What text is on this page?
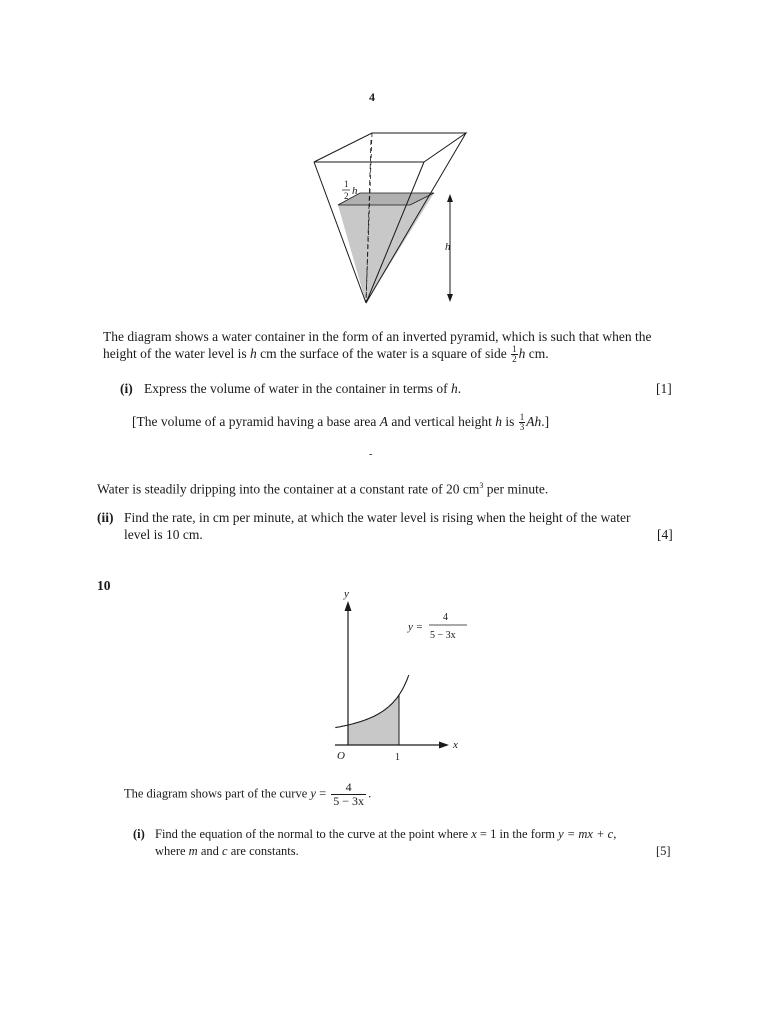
4
1
2 h
h
The diagram shows a water container in the form of an inverted pyramid, which is such that when the
height of the water level is h cm the surface of the water is a square of side $\frac{1}{2}$ h cm.
(i) Express the volume of water in the container in terms of h.	[1]
[The volume of a pyramid having a base area A and vertical height h is $\frac{1}{3} Ah$.]
-
Water is steadily dripping into the container at a constant rate of 20 $cm^3$ per minute.
(ii) Find the rate, in cm per minute, at which the water level is rising when the height of the water
level is 10 cm.	[4]
10
y
x
O	1
y =
4
5 − 3x
The diagram shows part of the curve $y = \frac{4}{5 - 3x}$ .
(i) Find the equation of the normal to the curve at the point where x = 1 in the form y = mx + c,
where m and c are constants.	[5]
